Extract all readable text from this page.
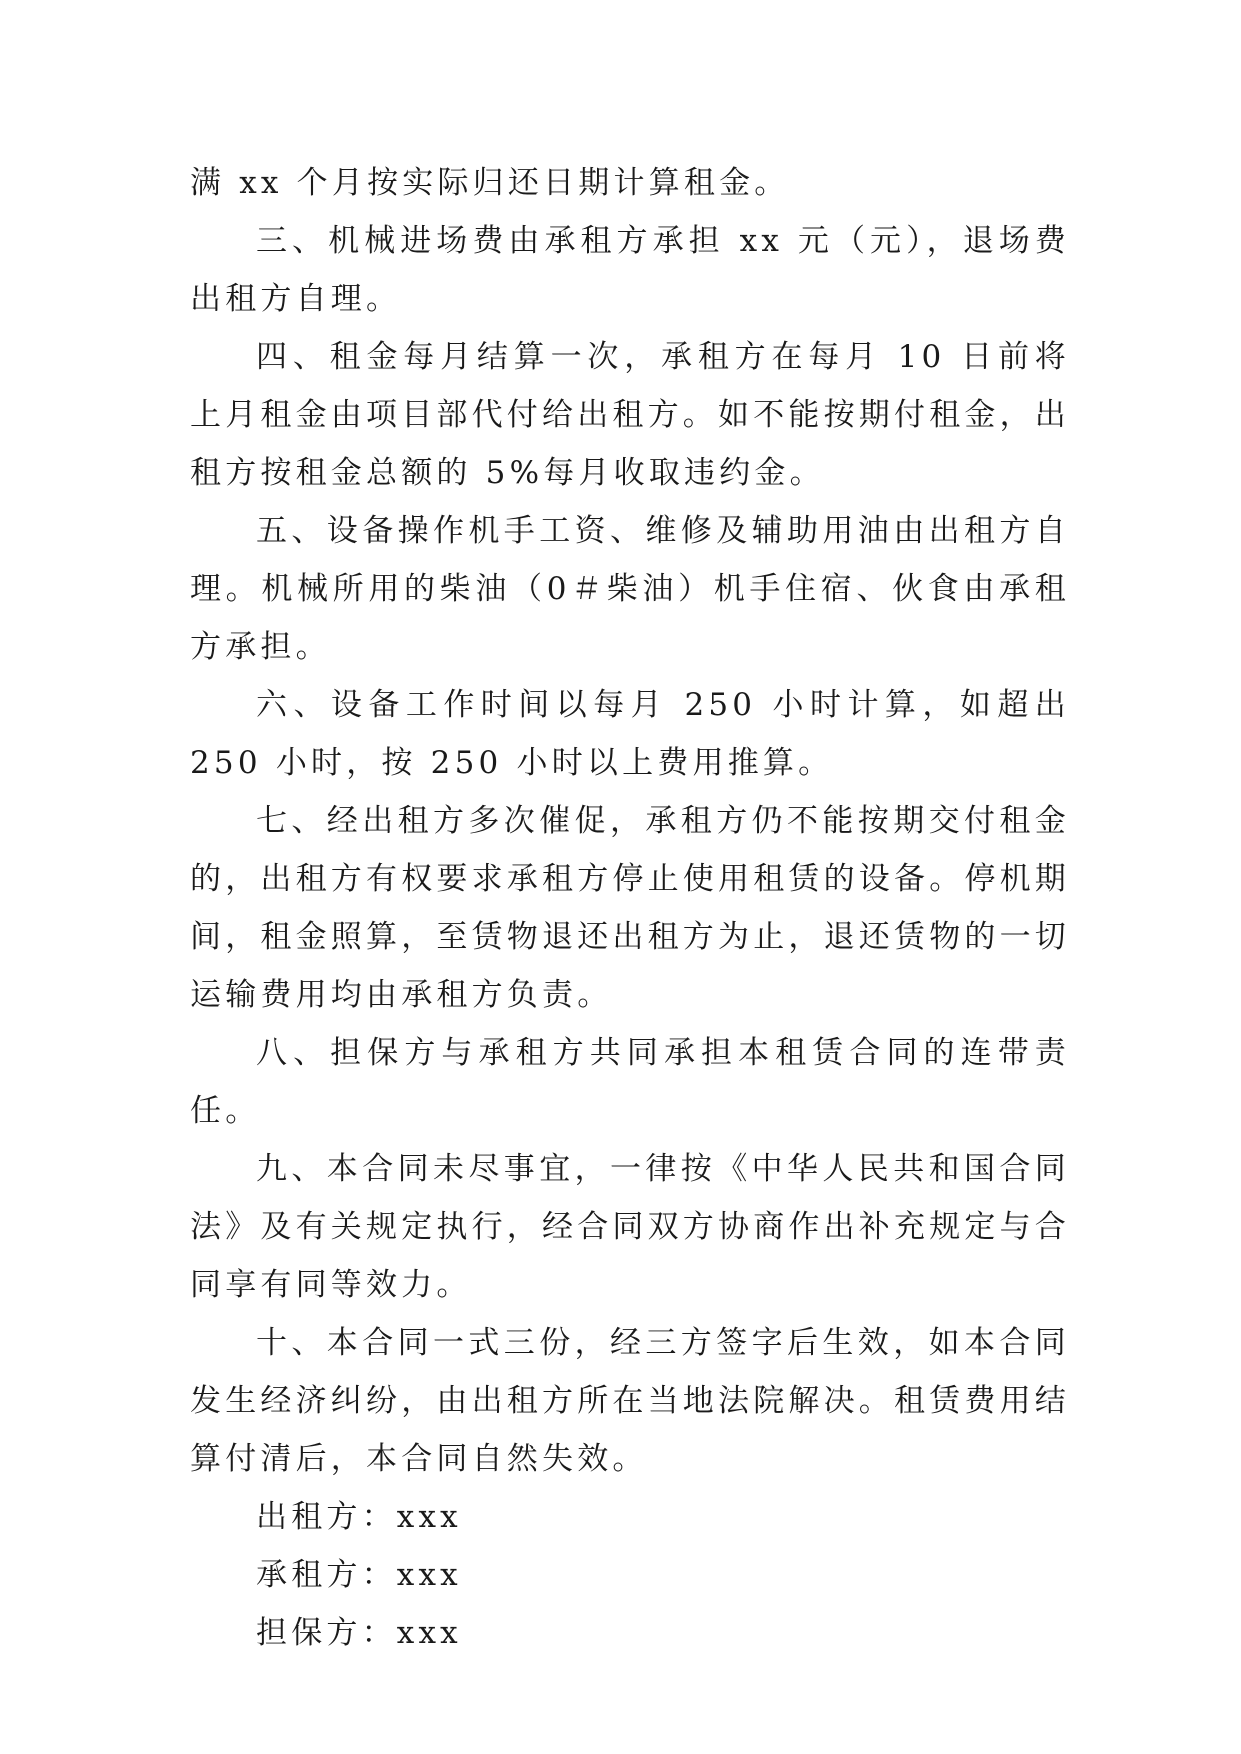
满 xx 个月按实际归还日期计算租金。

三、机械进场费由承租方承担 xx 元（元），退场费出租方自理。

四、租金每月结算一次，承租方在每月 10 日前将上月租金由项目部代付给出租方。如不能按期付租金，出租方按租金总额的 5%每月收取违约金。

五、设备操作机手工资、维修及辅助用油由出租方自理。机械所用的柴油（0＃柴油）机手住宿、伙食由承租方承担。

六、设备工作时间以每月 250 小时计算，如超出 250 小时，按 250 小时以上费用推算。

七、经出租方多次催促，承租方仍不能按期交付租金的，出租方有权要求承租方停止使用租赁的设备。停机期间，租金照算，至赁物退还出租方为止，退还赁物的一切运输费用均由承租方负责。

八、担保方与承租方共同承担本租赁合同的连带责任。

九、本合同未尽事宜，一律按《中华人民共和国合同法》及有关规定执行，经合同双方协商作出补充规定与合同享有同等效力。

十、本合同一式三份，经三方签字后生效，如本合同发生经济纠纷，由出租方所在当地法院解决。租赁费用结算付清后，本合同自然失效。

出租方：xxx

承租方：xxx

担保方：xxx
